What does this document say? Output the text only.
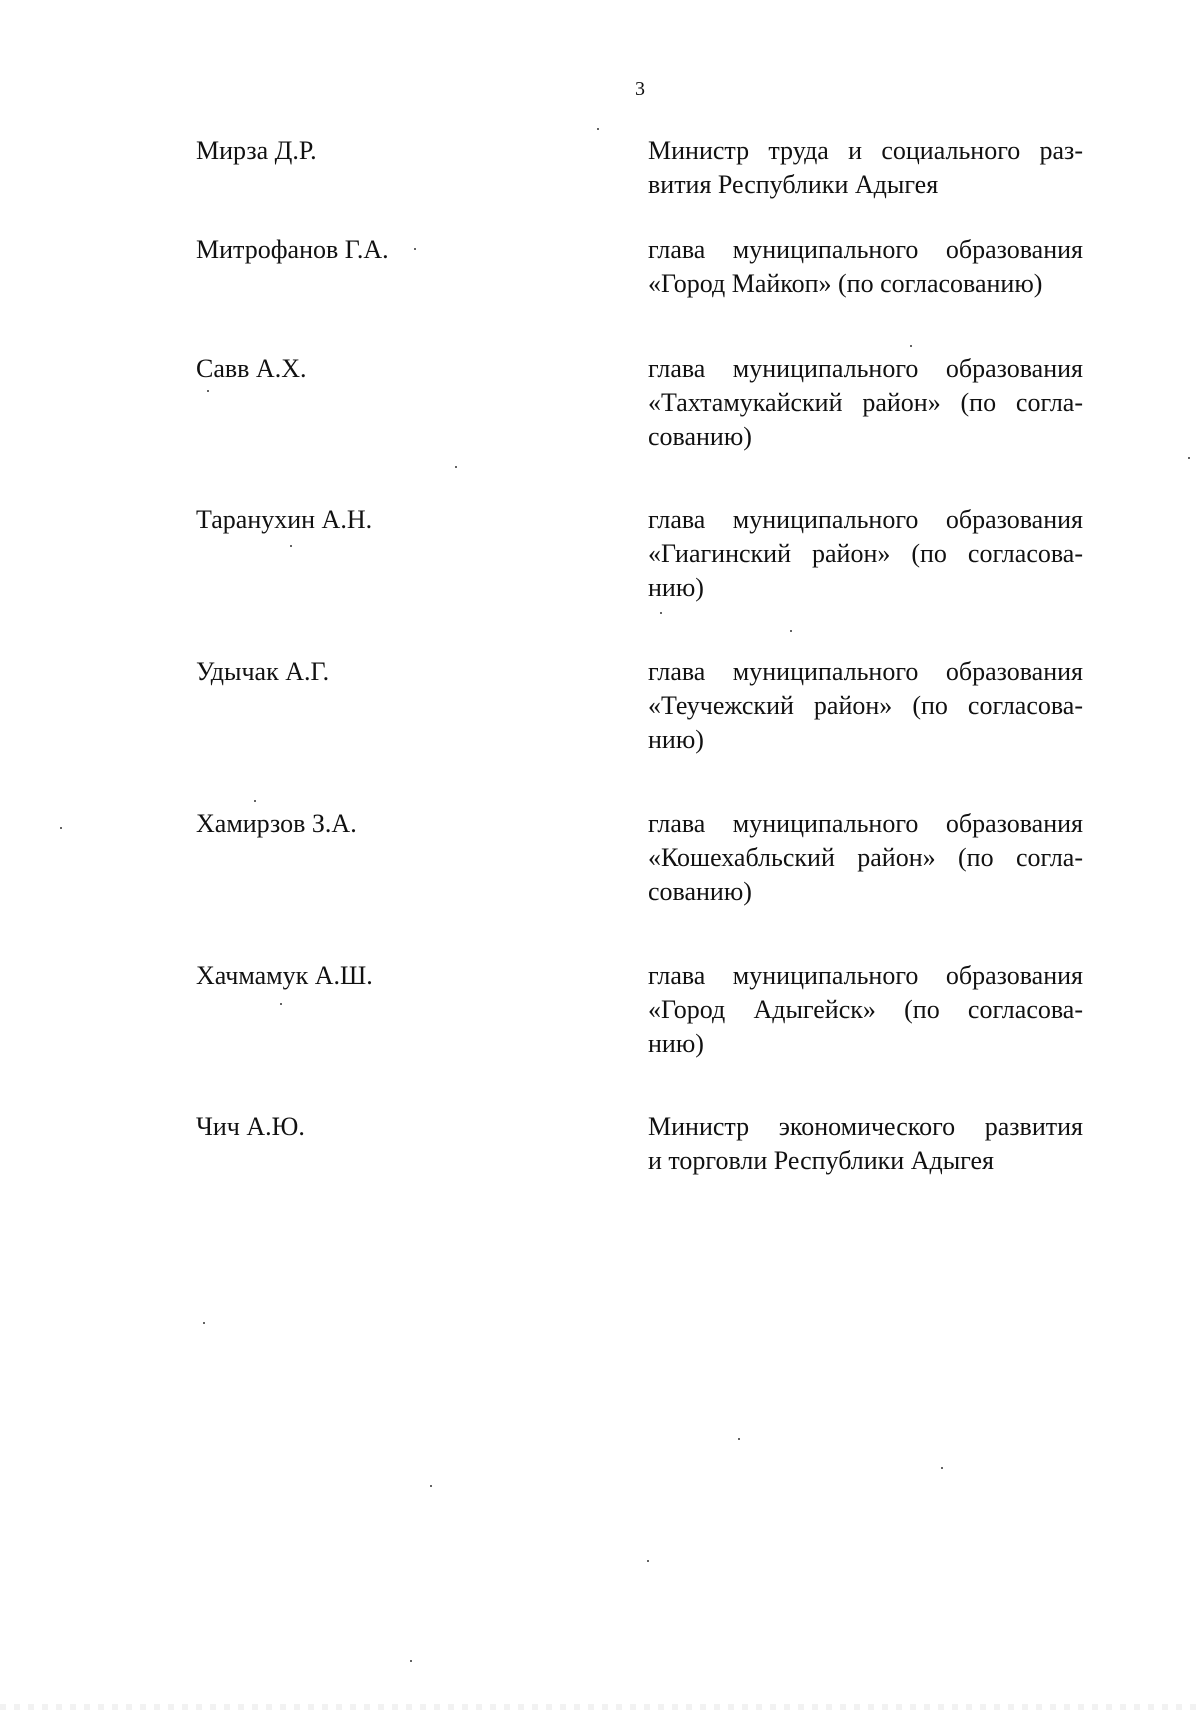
3
Мирза Д.Р.	Министр труда и социального раз-
вития Республики Адыгея
Митрофанов Г.А.	глава муниципального образования
«Город Майкоп» (по согласованию)
Савв А.Х.	глава муниципального образования
«Тахтамукайский район» (по согла-
сованию)
Таранухин А.Н.	глава муниципального образования
«Гиагинский район» (по согласова-
нию)
Удычак А.Г.	глава муниципального образования
«Теучежский район» (по согласова-
нию)
Хамирзов З.А.	глава муниципального образования
«Кошехабльский район» (по согла-
сованию)
Хачмамук А.Ш.	глава муниципального образования
«Город Адыгейск» (по согласова-
нию)
Чич А.Ю.	Министр экономического развития
и торговли Республики Адыгея
